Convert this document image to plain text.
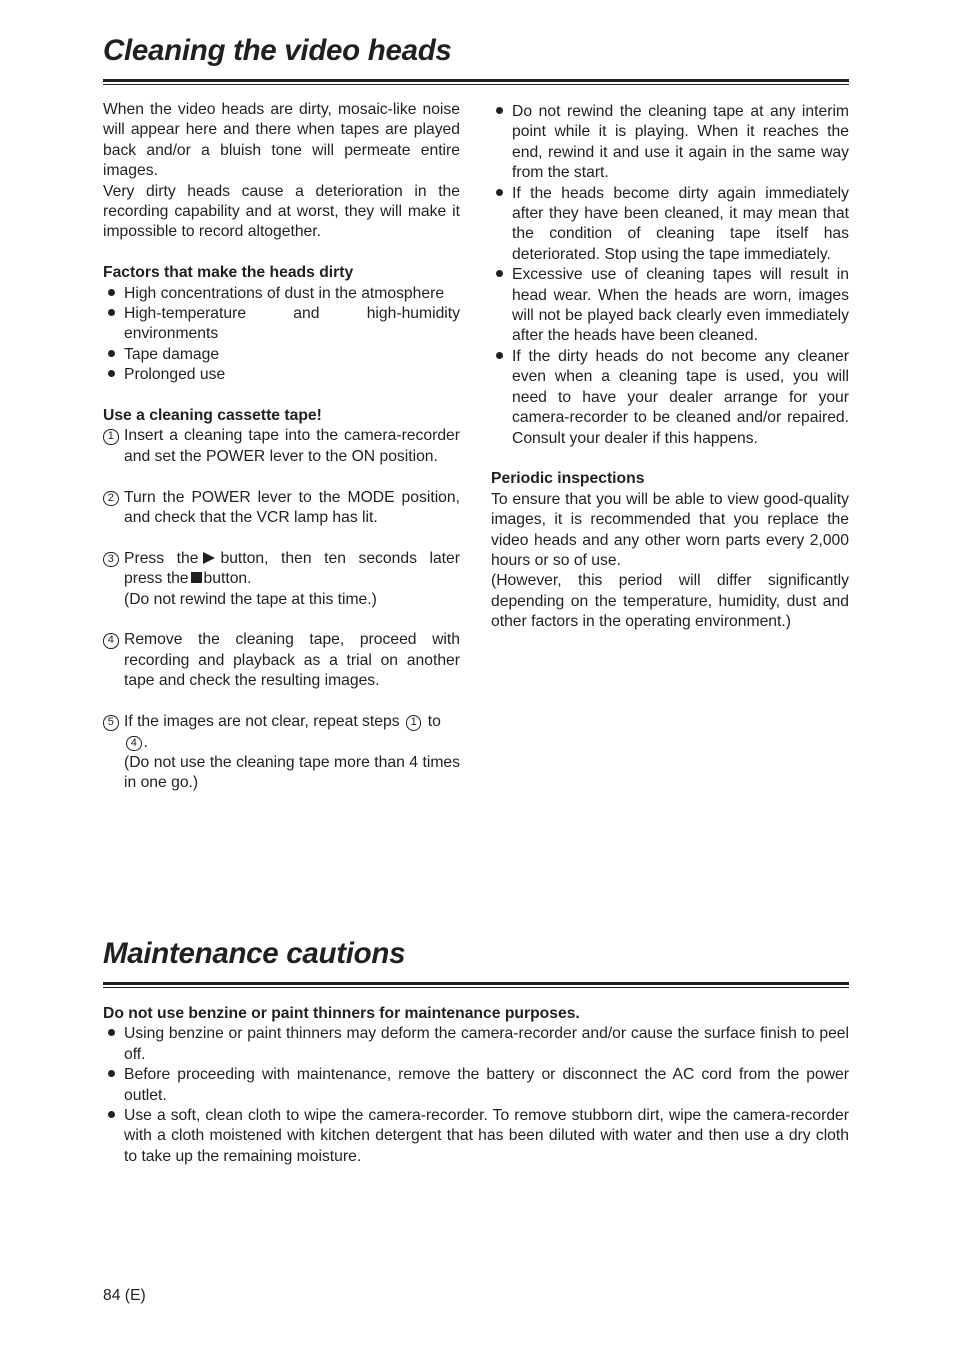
Cleaning the video heads

When the video heads are dirty, mosaic-like noise will appear here and there when tapes are played back and/or a bluish tone will permeate entire images.

Very dirty heads cause a deterioration in the recording capability and at worst, they will make it impossible to record altogether.

Factors that make the heads dirty

High concentrations of dust in the atmosphere
High-temperature and high-humidity environments
Tape damage
Prolonged use

Use a cleaning cassette tape!

1 Insert a cleaning tape into the camera-recorder and set the POWER lever to the ON position.
2 Turn the POWER lever to the MODE position, and check that the VCR lamp has lit.
3 Press the button, then ten seconds later press the button.
(Do not rewind the tape at this time.)
4 Remove the cleaning tape, proceed with recording and playback as a trial on another tape and check the resulting images.
5 If the images are not clear, repeat steps 1 to 4 .
(Do not use the cleaning tape more than 4 times in one go.)
Do not rewind the cleaning tape at any interim point while it is playing. When it reaches the end, rewind it and use it again in the same way from the start.
If the heads become dirty again immediately after they have been cleaned, it may mean that the condition of cleaning tape itself has deteriorated. Stop using the tape immediately.
Excessive use of cleaning tapes will result in head wear. When the heads are worn, images will not be played back clearly even immediately after the heads have been cleaned.
If the dirty heads do not become any cleaner even when a cleaning tape is used, you will need to have your dealer arrange for your camera-recorder to be cleaned and/or repaired. Consult your dealer if this happens.

Periodic inspections

To ensure that you will be able to view good-quality images, it is recommended that you replace the video heads and any other worn parts every 2,000 hours or so of use.

(However, this period will differ significantly depending on the temperature, humidity, dust and other factors in the operating environment.)

Maintenance cautions

Do not use benzine or paint thinners for maintenance purposes.

Using benzine or paint thinners may deform the camera-recorder and/or cause the surface finish to peel off.
Before proceeding with maintenance, remove the battery or disconnect the AC cord from the power outlet.
Use a soft, clean cloth to wipe the camera-recorder. To remove stubborn dirt, wipe the camera-recorder with a cloth moistened with kitchen detergent that has been diluted with water and then use a dry cloth to take up the remaining moisture.
84 (E)
